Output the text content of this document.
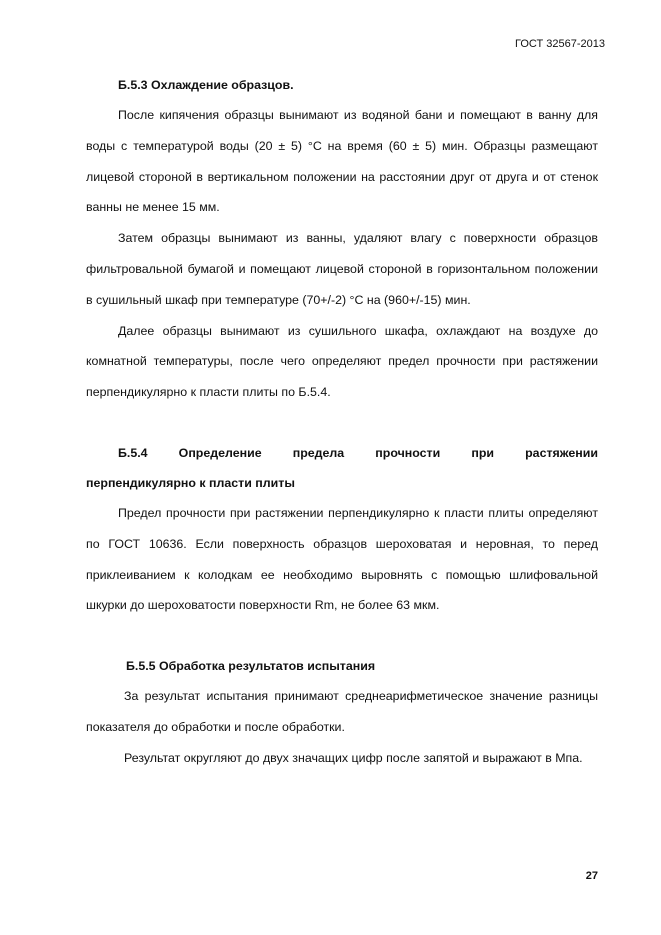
ГОСТ 32567-2013

Б.5.3 Охлаждение образцов.

После кипячения образцы вынимают из водяной бани и помещают в ванну для воды с температурой воды (20 ± 5) °С на время (60 ± 5) мин. Образцы размещают лицевой стороной в вертикальном положении на расстоянии друг от друга и от стенок ванны не менее 15 мм.

Затем образцы вынимают из ванны, удаляют влагу с поверхности образцов фильтровальной бумагой и помещают лицевой стороной в горизонтальном положении в сушильный шкаф при температуре (70+/-2) °С на (960+/-15) мин.

Далее образцы вынимают из сушильного шкафа, охлаждают на воздухе до комнатной температуры, после чего определяют предел прочности при растяжении перпендикулярно к пласти плиты по Б.5.4.

Б.5.4 Определение предела прочности при растяжении

перпендикулярно к пласти плиты

Предел прочности при растяжении перпендикулярно к пласти плиты определяют по ГОСТ 10636. Если поверхность образцов шероховатая и неровная, то перед приклеиванием к колодкам ее необходимо выровнять с помощью шлифовальной шкурки до шероховатости поверхности Rm, не более 63 мкм.

Б.5.5 Обработка результатов испытания

За результат испытания принимают среднеарифметическое значение разницы показателя до обработки и после обработки.

Результат округляют до двух значащих цифр после запятой и выражают в Мпа.

27
